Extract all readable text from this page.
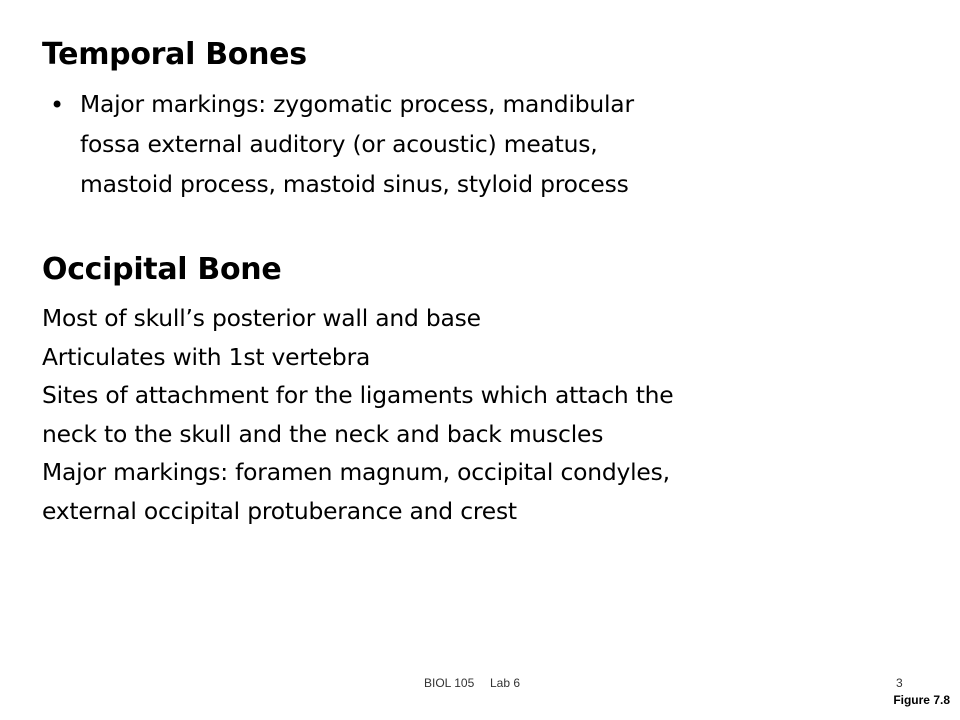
Temporal Bones
• Major markings: zygomatic process, mandibular
fossa external auditory (or acoustic) meatus,
mastoid process, mastoid sinus, styloid process
Occipital Bone
Most of skull’s posterior wall and base
Articulates with 1st vertebra
Sites of attachment for the ligaments which attach the
neck to the skull and the neck and back muscles
Major markings: foramen magnum, occipital condyles,
external occipital protuberance and crest
BIOL 105 Lab 6	3
Figure 7.8
